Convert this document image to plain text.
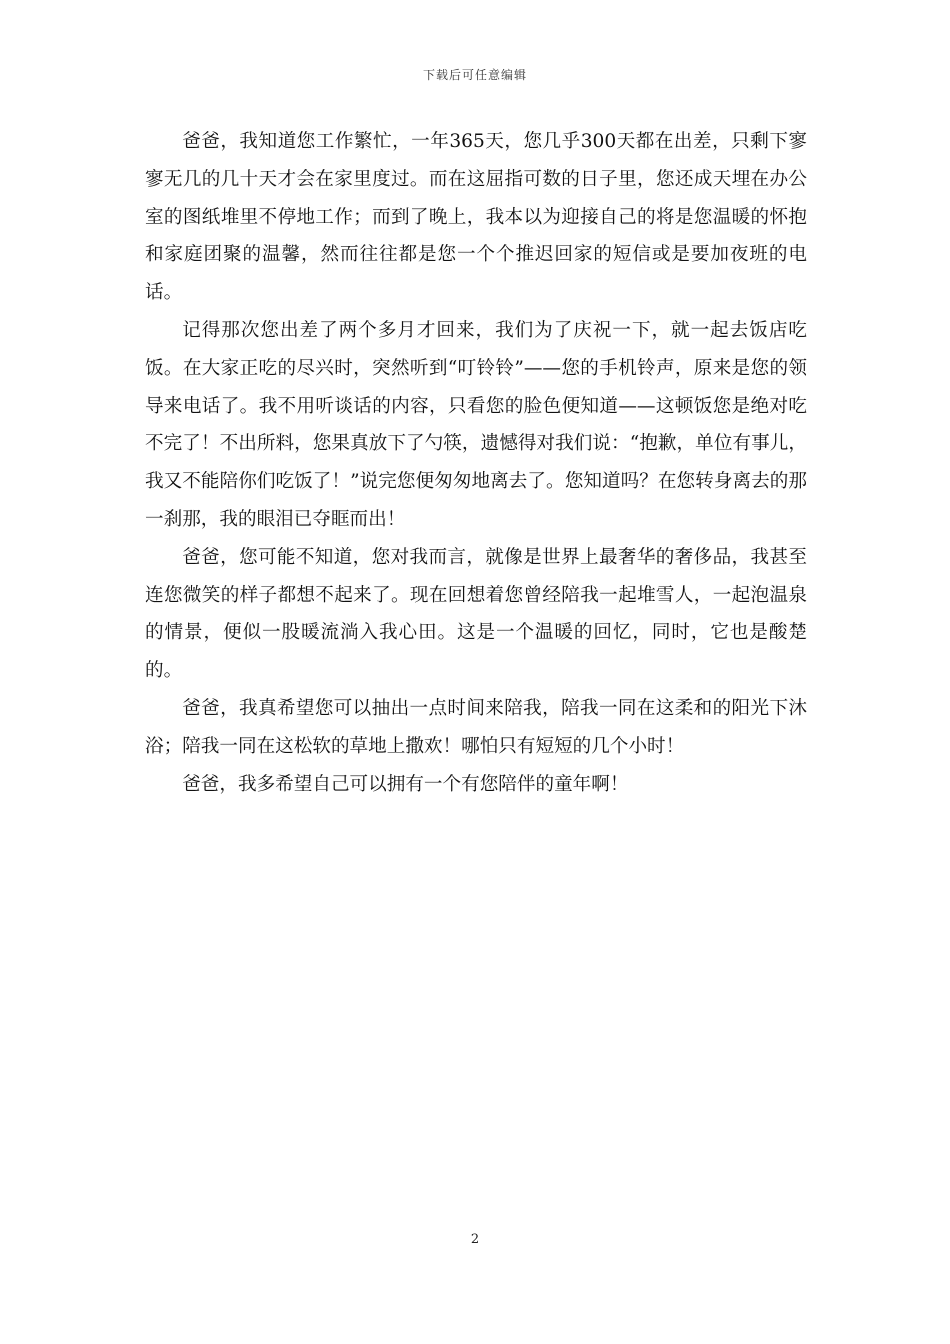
下载后可任意编辑

爸爸，我知道您工作繁忙，一年365天，您几乎300天都在出差，只剩下寥寥无几的几十天才会在家里度过。而在这屈指可数的日子里，您还成天埋在办公室的图纸堆里不停地工作；而到了晚上，我本以为迎接自己的将是您温暖的怀抱和家庭团聚的温馨，然而往往都是您一个个推迟回家的短信或是要加夜班的电话。

记得那次您出差了两个多月才回来，我们为了庆祝一下，就一起去饭店吃饭。在大家正吃的尽兴时，突然听到“叮铃铃”——您的手机铃声，原来是您的领导来电话了。我不用听谈话的内容，只看您的脸色便知道——这顿饭您是绝对吃不完了！不出所料，您果真放下了勺筷，遗憾得对我们说：“抱歉，单位有事儿，我又不能陪你们吃饭了！”说完您便匆匆地离去了。您知道吗？在您转身离去的那一刹那，我的眼泪已夺眶而出！

爸爸，您可能不知道，您对我而言，就像是世界上最奢华的奢侈品，我甚至连您微笑的样子都想不起来了。现在回想着您曾经陪我一起堆雪人，一起泡温泉的情景，便似一股暖流淌入我心田。这是一个温暖的回忆，同时，它也是酸楚的。

爸爸，我真希望您可以抽出一点时间来陪我，陪我一同在这柔和的阳光下沐浴；陪我一同在这松软的草地上撒欢！哪怕只有短短的几个小时！

爸爸，我多希望自己可以拥有一个有您陪伴的童年啊！

2
